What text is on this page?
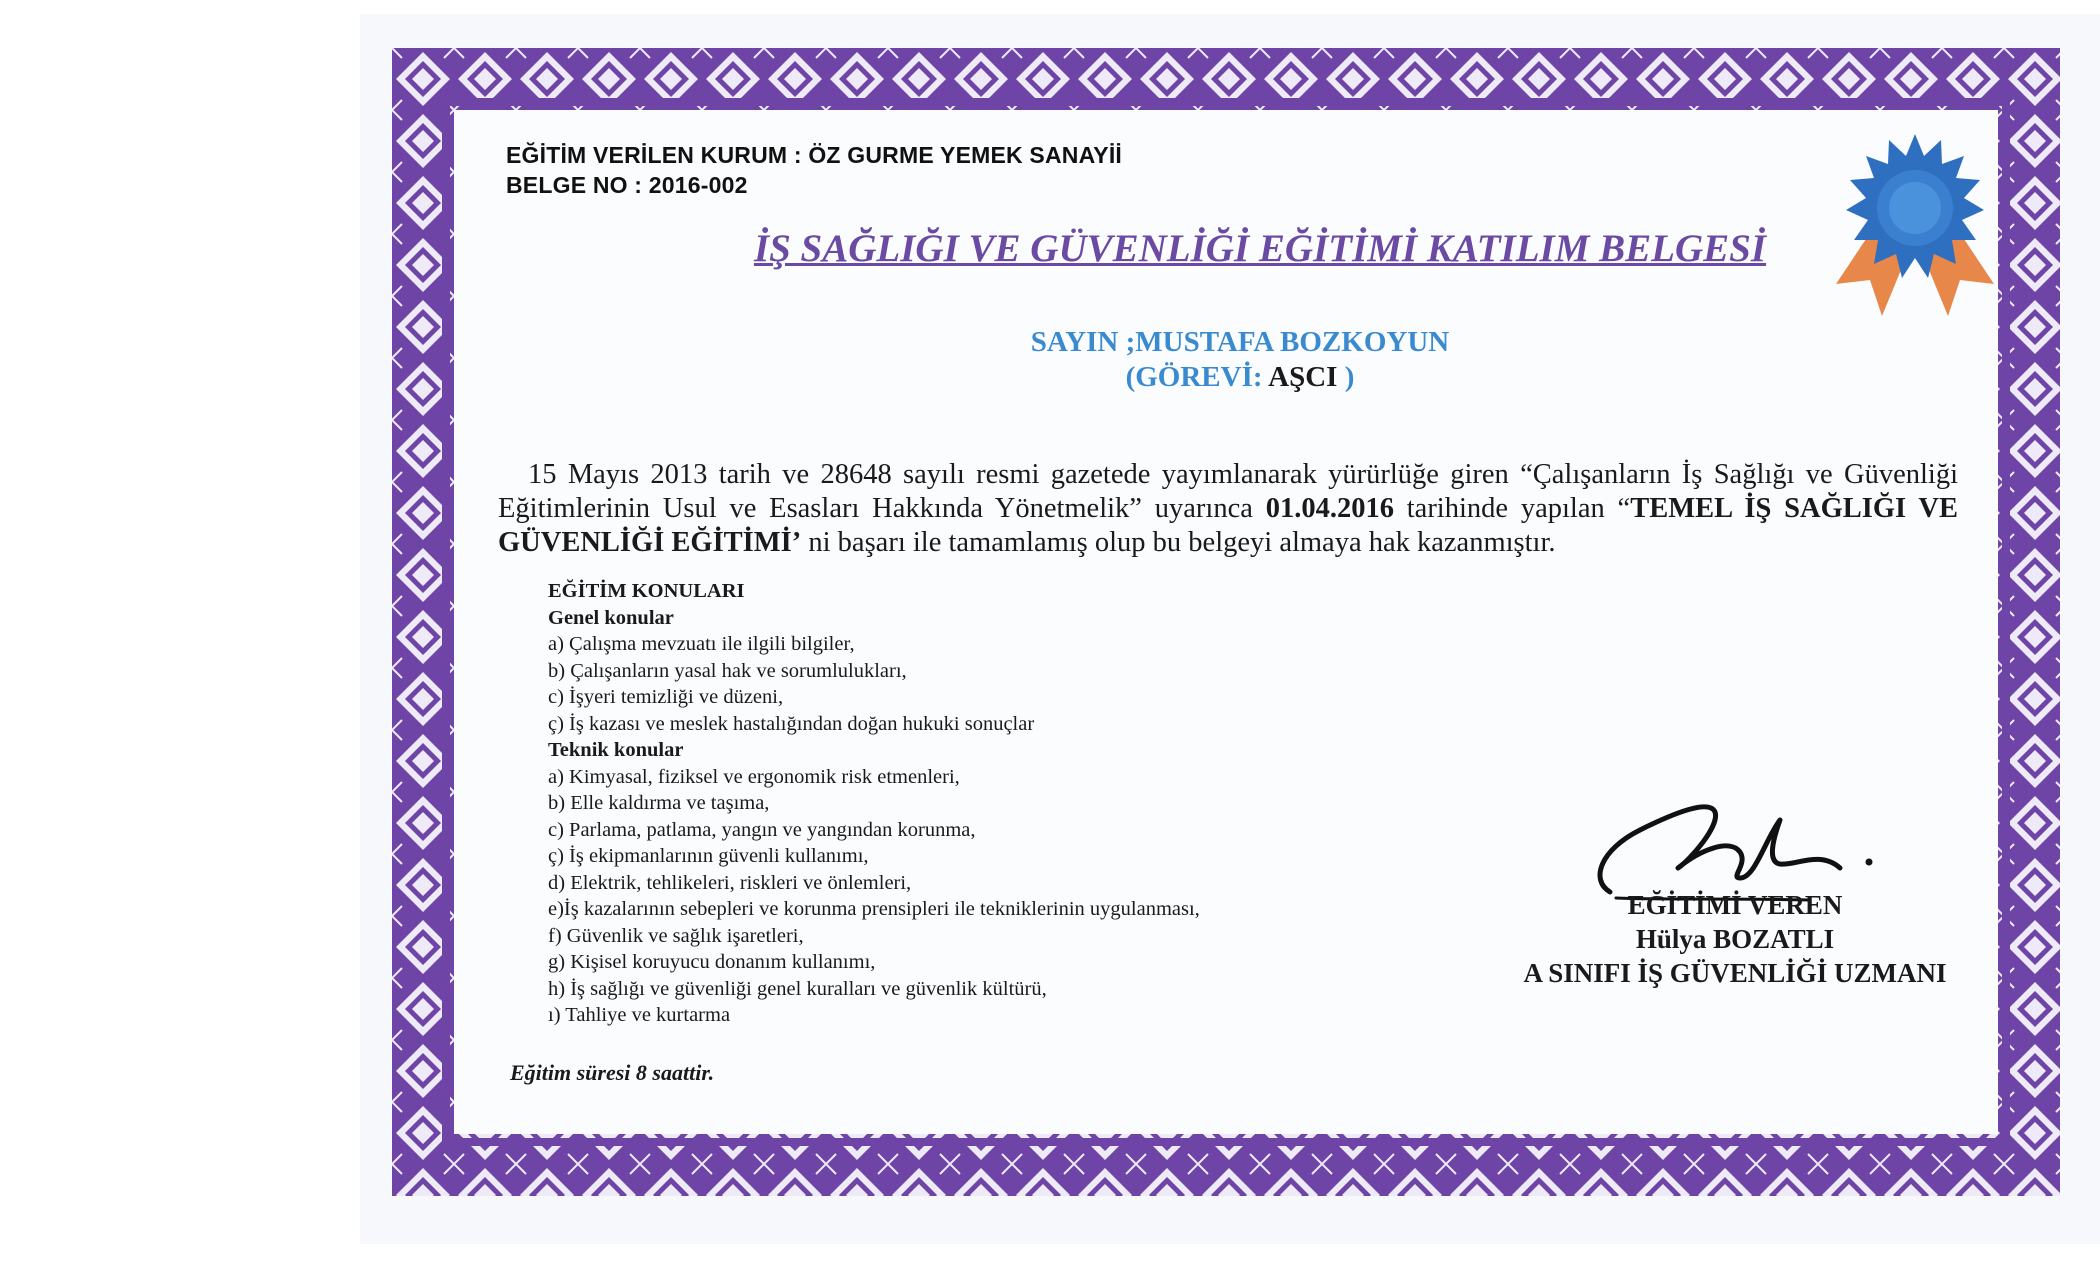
EĞİTİM VERİLEN KURUM : ÖZ GURME YEMEK SANAYİİ
BELGE NO : 2016-002
İŞ SAĞLIĞI VE GÜVENLİĞİ EĞİTİMİ KATILIM BELGESİ
SAYIN ;MUSTAFA BOZKOYUN
(GÖREVİ: AŞCI )
15 Mayıs 2013 tarih ve 28648 sayılı resmi gazetede yayımlanarak yürürlüğe giren “Çalışanların İş Sağlığı ve Güvenliği Eğitimlerinin Usul ve Esasları Hakkında Yönetmelik” uyarınca 01.04.2016 tarihinde yapılan “TEMEL İŞ SAĞLIĞI VE GÜVENLİĞİ EĞİTİMİ’ ni başarı ile tamamlamış olup bu belgeyi almaya hak kazanmıştır.
EĞİTİM KONULARI
Genel konular
a) Çalışma mevzuatı ile ilgili bilgiler,
b) Çalışanların yasal hak ve sorumlulukları,
c) İşyeri temizliği ve düzeni,
ç) İş kazası ve meslek hastalığından doğan hukuki sonuçlar
Teknik konular
a) Kimyasal, fiziksel ve ergonomik risk etmenleri,
b) Elle kaldırma ve taşıma,
c) Parlama, patlama, yangın ve yangından korunma,
ç) İş ekipmanlarının güvenli kullanımı,
d) Elektrik, tehlikeleri, riskleri ve önlemleri,
e)İş kazalarının sebepleri ve korunma prensipleri ile tekniklerinin uygulanması,
f) Güvenlik ve sağlık işaretleri,
g) Kişisel koruyucu donanım kullanımı,
h) İş sağlığı ve güvenliği genel kuralları ve güvenlik kültürü,
ı) Tahliye ve kurtarma
Eğitim süresi 8 saattir.
EĞİTİMİ VEREN
Hülya BOZATLI
A SINIFI İŞ GÜVENLİĞİ UZMANI
